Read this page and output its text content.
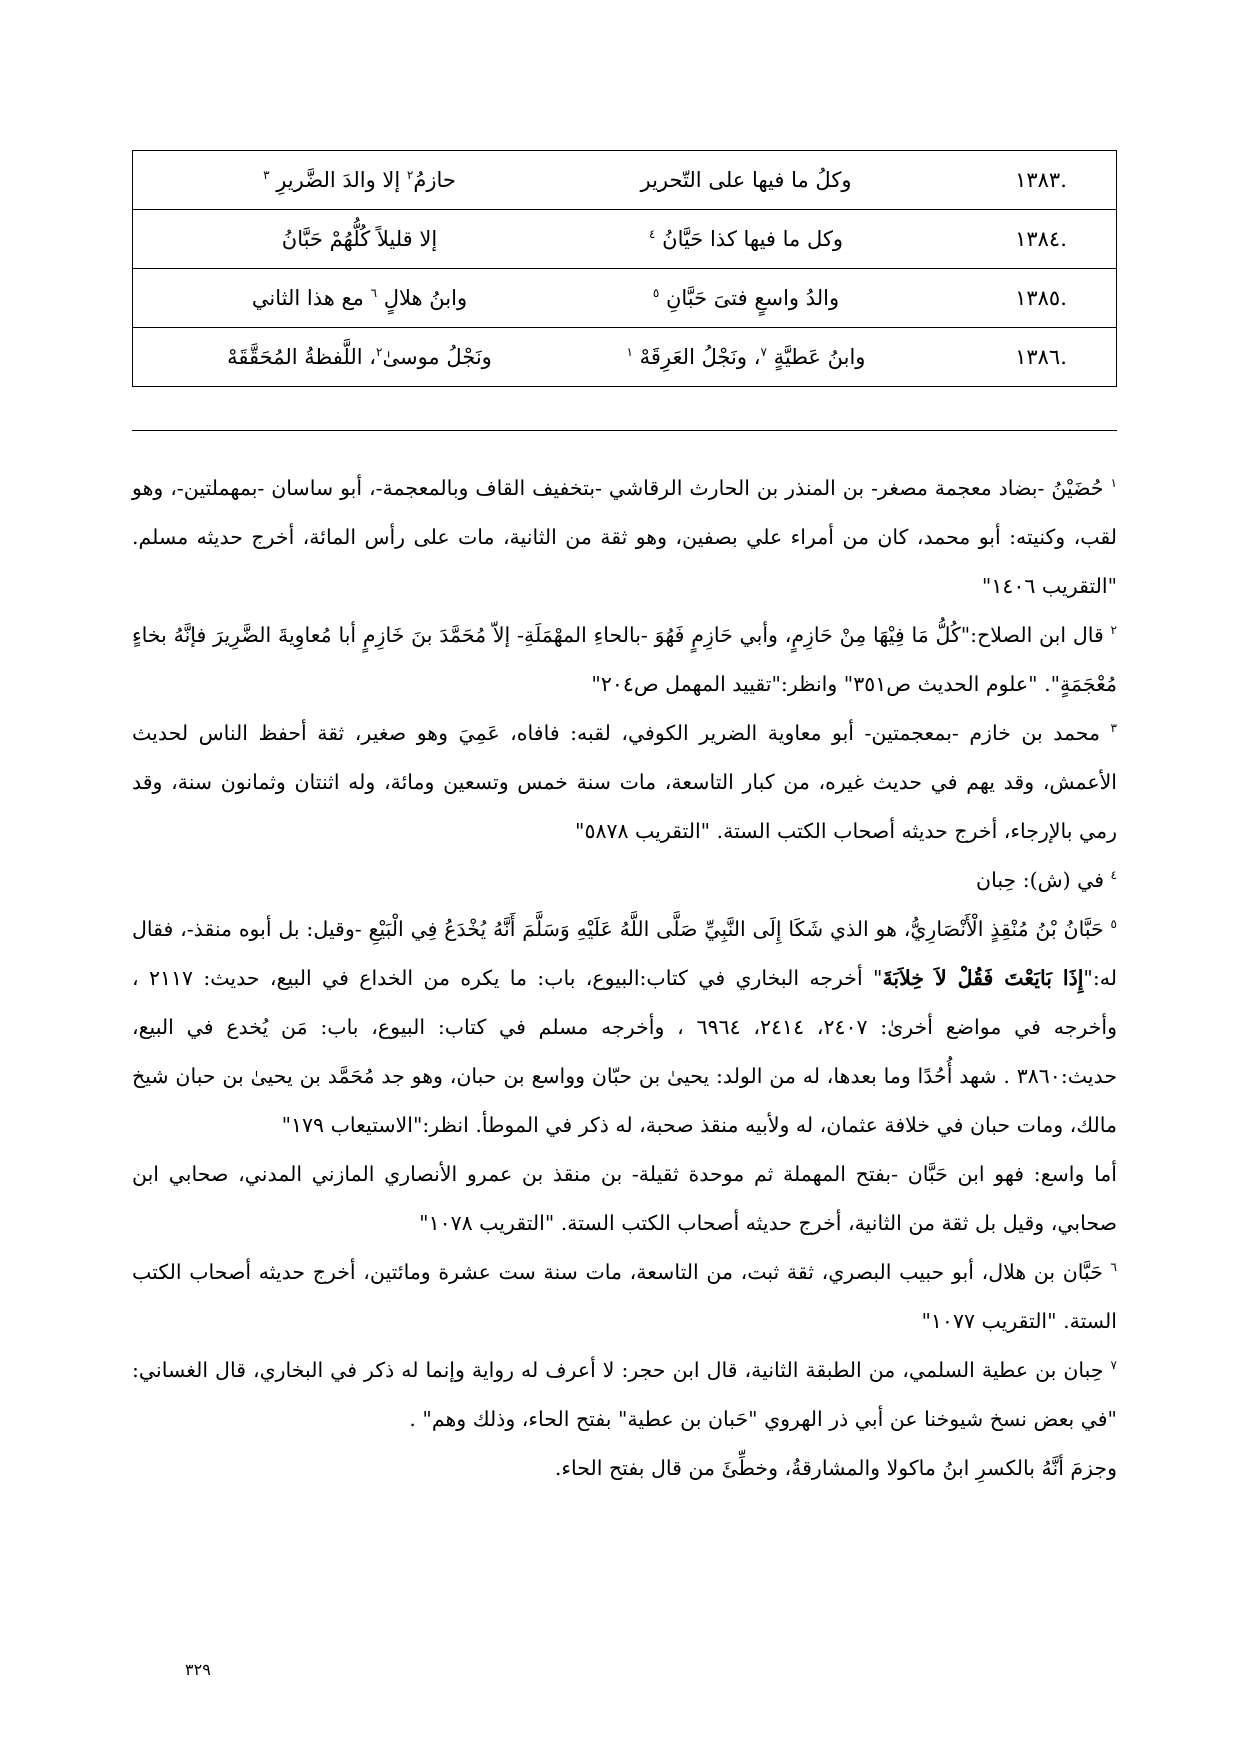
.١٣٨٣	وكلُ ما فيها على التّحرير	حازمُ$^٢$ إلا والدَ الضَّريرِ $^٣$
.١٣٨٤	وكل ما فيها كذا حَيَّانُ $^٤$	إلا قليلاً كُلُّهُمْ حَبَّانُ
.١٣٨٥	والدُ واسعٍ فتىَ حَبَّانِ $^٥$	وابنُ هلالٍ $^٦$ مع هذا الثاني
.١٣٨٦	وابنُ عَطيَّةٍ $^٧$، ونَجْلُ العَرِقَهْ $^١$	ونَجْلُ موسىٰ$^٢$، اللَّفظةُ المُحَقَّقَهْ

$^١$ حُضَيْنُ -بضاد معجمة مصغر- بن المنذر بن الحارث الرقاشي -بتخفيف القاف وبالمعجمة-، أبو ساسان -بمهملتين-، وهو لقب، وكنيته: أبو محمد، كان من أمراء علي بصفين، وهو ثقة من الثانية، مات على رأس المائة، أخرج حديثه مسلم. "التقريب ١٤٠٦"

$^٢$ قال ابن الصلاح:"كُلُّ مَا فِيْهَا مِنْ حَازِمٍ، وأبي حَازِمٍ فَهُوَ -بالحاءِ المهْمَلَةِ- إلاّ مُحَمَّدَ بنَ خَازِمٍ أبا مُعاوِيةَ الضَّرِيرَ فإنَّهُ بخاءٍ مُعْجَمَةٍ". "علوم الحديث ص٣٥١" وانظر:"تقييد المهمل ص٢٠٤"

$^٣$ محمد بن خازم -بمعجمتين- أبو معاوية الضرير الكوفي، لقبه: فافاه، عَمِيَ وهو صغير، ثقة أحفظ الناس لحديث الأعمش، وقد يهم في حديث غيره، من كبار التاسعة، مات سنة خمس وتسعين ومائة، وله اثنتان وثمانون سنة، وقد رمي بالإرجاء، أخرج حديثه أصحاب الكتب الستة. "التقريب ٥٨٧٨"

$^٤$ في (ش): حِبان

$^٥$ حَبَّانُ بْنُ مُنْقِذٍ الْأَنْصَارِيُّ، هو الذي شَكَا إِلَى النَّبِيِّ صَلَّى اللَّهُ عَلَيْهِ وَسَلَّمَ أَنَّهُ يُخْدَعُ فِي الْبَيْعِ -وقيل: بل أبوه منقذ-، فقال له:"إِذَا بَايَعْتَ فَقُلْ لاَ خِلاَبَةَ" أخرجه البخاري في كتاب:البيوع، باب: ما يكره من الخداع في البيع، حديث: ٢١١٧ ، وأخرجه في مواضع أخرىٰ: ٢٤٠٧، ٢٤١٤، ٦٩٦٤ ، وأخرجه مسلم في كتاب: البيوع، باب: مَن يُخدع في البيع، حديث:٣٨٦٠ . شهد أُحُدًا وما بعدها، له من الولد: يحيىٰ بن حبّان وواسع بن حبان، وهو جد مُحَمَّد بن يحيىٰ بن حبان شيخ مالك، ومات حبان في خلافة عثمان، له ولأبيه منقذ صحبة، له ذكر في الموطأ. انظر:"الاستيعاب ١٧٩"

أما واسع: فهو ابن حَبَّان -بفتح المهملة ثم موحدة ثقيلة- بن منقذ بن عمرو الأنصاري المازني المدني، صحابي ابن صحابي، وقيل بل ثقة من الثانية، أخرج حديثه أصحاب الكتب الستة. "التقريب ١٠٧٨"

$^٦$ حَبَّان بن هلال، أبو حبيب البصري، ثقة ثبت، من التاسعة، مات سنة ست عشرة ومائتين، أخرج حديثه أصحاب الكتب الستة. "التقريب ١٠٧٧"

$^٧$ حِبان بن عطية السلمي، من الطبقة الثانية، قال ابن حجر: لا أعرف له رواية وإنما له ذكر في البخاري، قال الغساني: "في بعض نسخ شيوخنا عن أبي ذر الهروي "حَبان بن عطية" بفتح الحاء، وذلك وهم" .

وجزمَ أنَّهُ بالكسرِ ابنُ ماكولا والمشارقةُ، وخطِّئَ من قال بفتح الحاء.

٣٢٩
